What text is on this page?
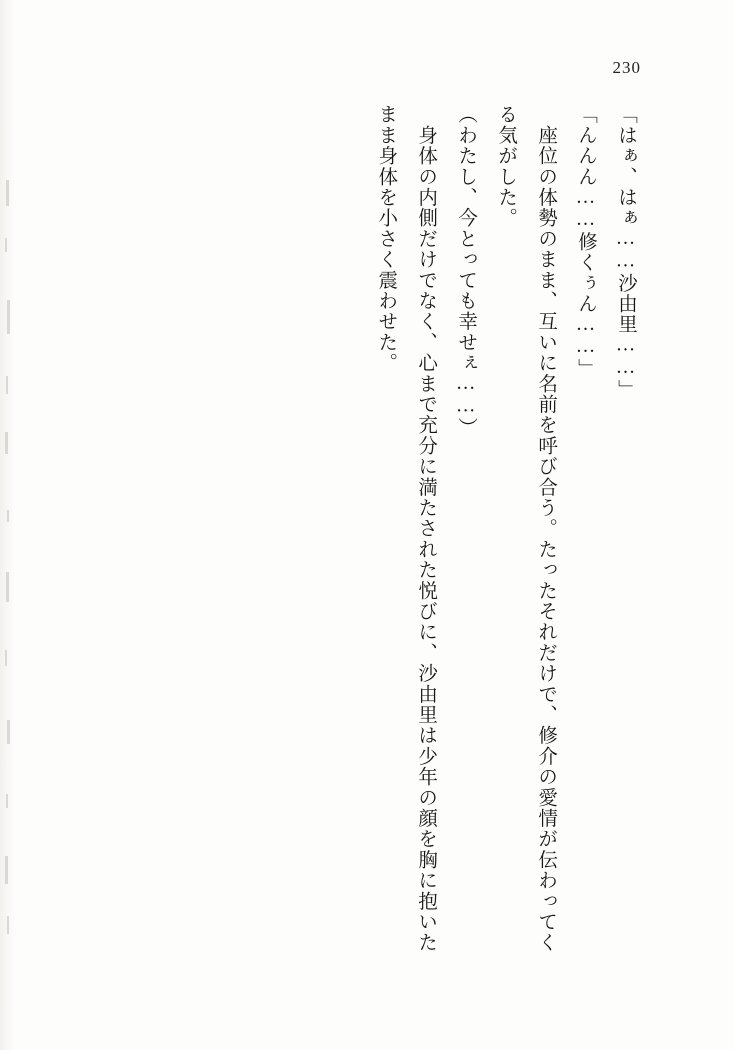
230

「はぁ、はぁ……沙由里……」

「んんん……修くぅん……」

　座位の体勢のまま、互いに名前を呼び合う。たったそれだけで、修介の愛情が伝わってくる気がした。

（わたし、今とっても幸せぇ……）

　身体の内側だけでなく、心まで充分に満たされた悦びに、沙由里は少年の顔を胸に抱いたまま身体を小さく震わせた。
